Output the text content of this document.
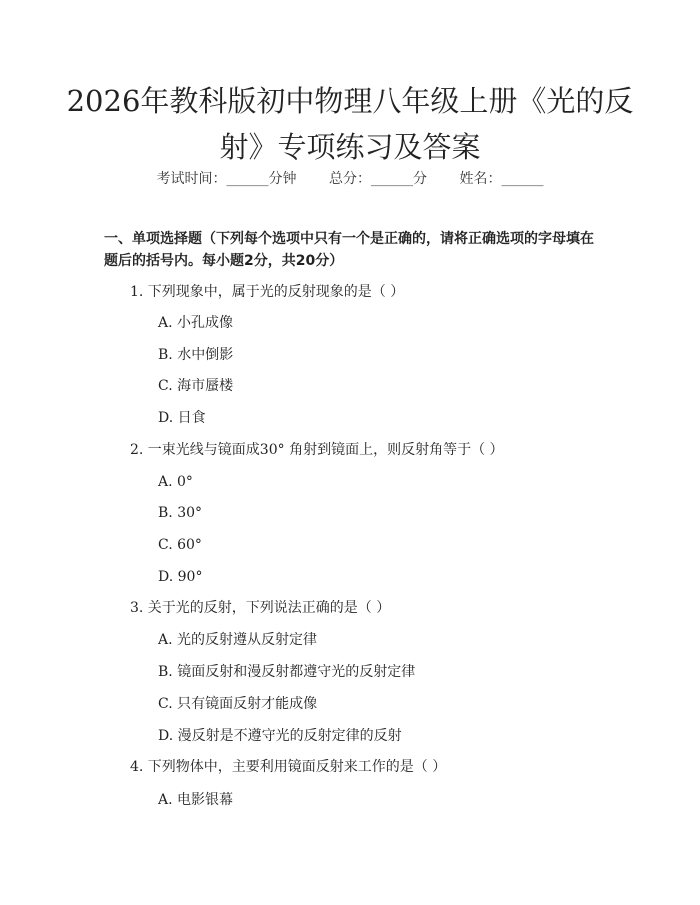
2026年教科版初中物理八年级上册《光的反
射》专项练习及答案
考试时间：______分钟 总分：______分 姓名：______
一、单项选择题（下列每个选项中只有一个是正确的，请将正确选项的字母填在题后的括号内。每小题2分，共20分）
1. 下列现象中，属于光的反射现象的是（ ）
A. 小孔成像
B. 水中倒影
C. 海市蜃楼
D. 日食
2. 一束光线与镜面成30° 角射到镜面上，则反射角等于（ ）
A. 0°
B. 30°
C. 60°
D. 90°
3. 关于光的反射，下列说法正确的是（ ）
A. 光的反射遵从反射定律
B. 镜面反射和漫反射都遵守光的反射定律
C. 只有镜面反射才能成像
D. 漫反射是不遵守光的反射定律的反射
4. 下列物体中，主要利用镜面反射来工作的是（ ）
A. 电影银幕
